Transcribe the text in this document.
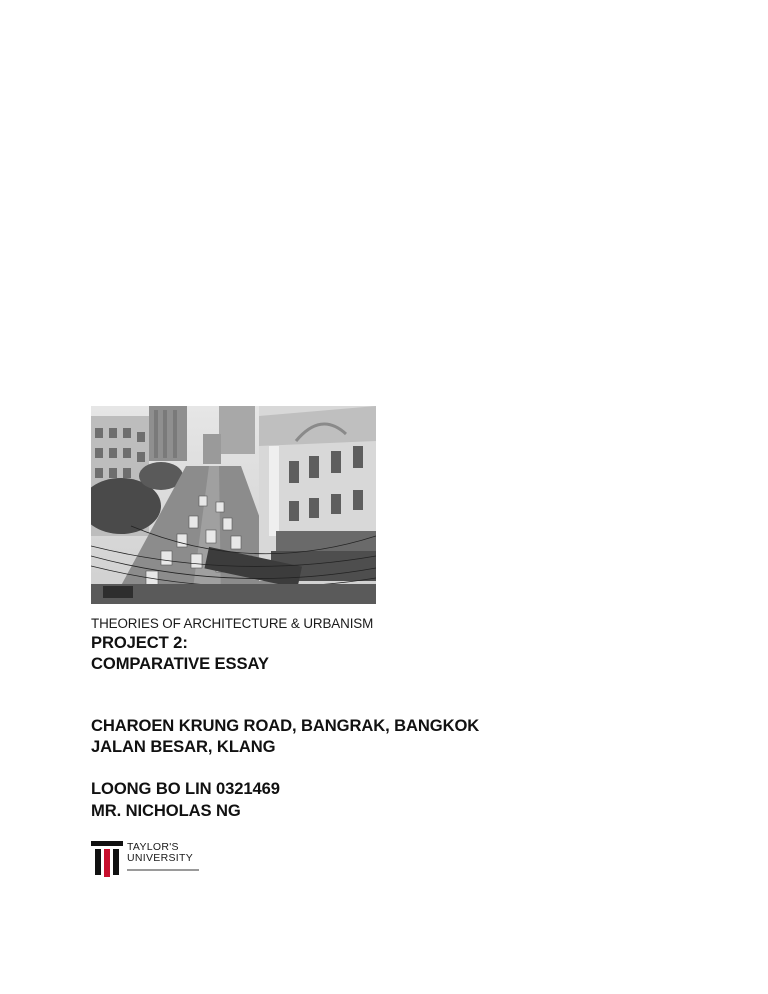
THEORIES OF ARCHITECTURE & URBANISM
PROJECT 2:
COMPARATIVE ESSAY
CHAROEN KRUNG ROAD, BANGRAK, BANGKOK
JALAN BESAR, KLANG
LOONG BO LIN 0321469
MR. NICHOLAS NG
TAYLOR'S
UNIVERSITY
